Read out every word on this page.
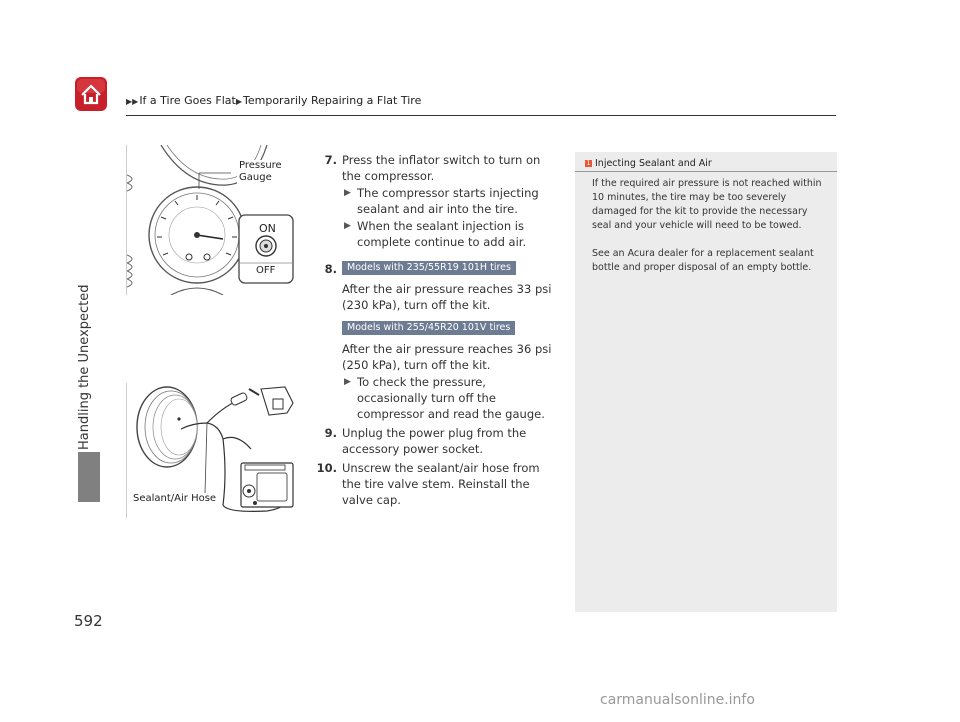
▶▶If a Tire Goes Flat▶Temporarily Repairing a Flat Tire
Handling the Unexpected
592
Pressure
Gauge
ON
OFF
Sealant/Air Hose
7. Press the inflator switch to turn on the compressor.
▶ The compressor starts injecting sealant and air into the tire.
▶ When the sealant injection is complete continue to add air.
8.	Models with 235/55R19 101H tires
After the air pressure reaches 33 psi (230 kPa), turn off the kit.
Models with 255/45R20 101V tires
After the air pressure reaches 36 psi (250 kPa), turn off the kit.
▶ To check the pressure, occasionally turn off the compressor and read the gauge.
9. Unplug the power plug from the accessory power socket.
10. Unscrew the sealant/air hose from the tire valve stem. Reinstall the valve cap.
1 Injecting Sealant and Air

If the required air pressure is not reached within 10 minutes, the tire may be too severely damaged for the kit to provide the necessary seal and your vehicle will need to be towed.

See an Acura dealer for a replacement sealant bottle and proper disposal of an empty bottle.

carmanualsonline.info
